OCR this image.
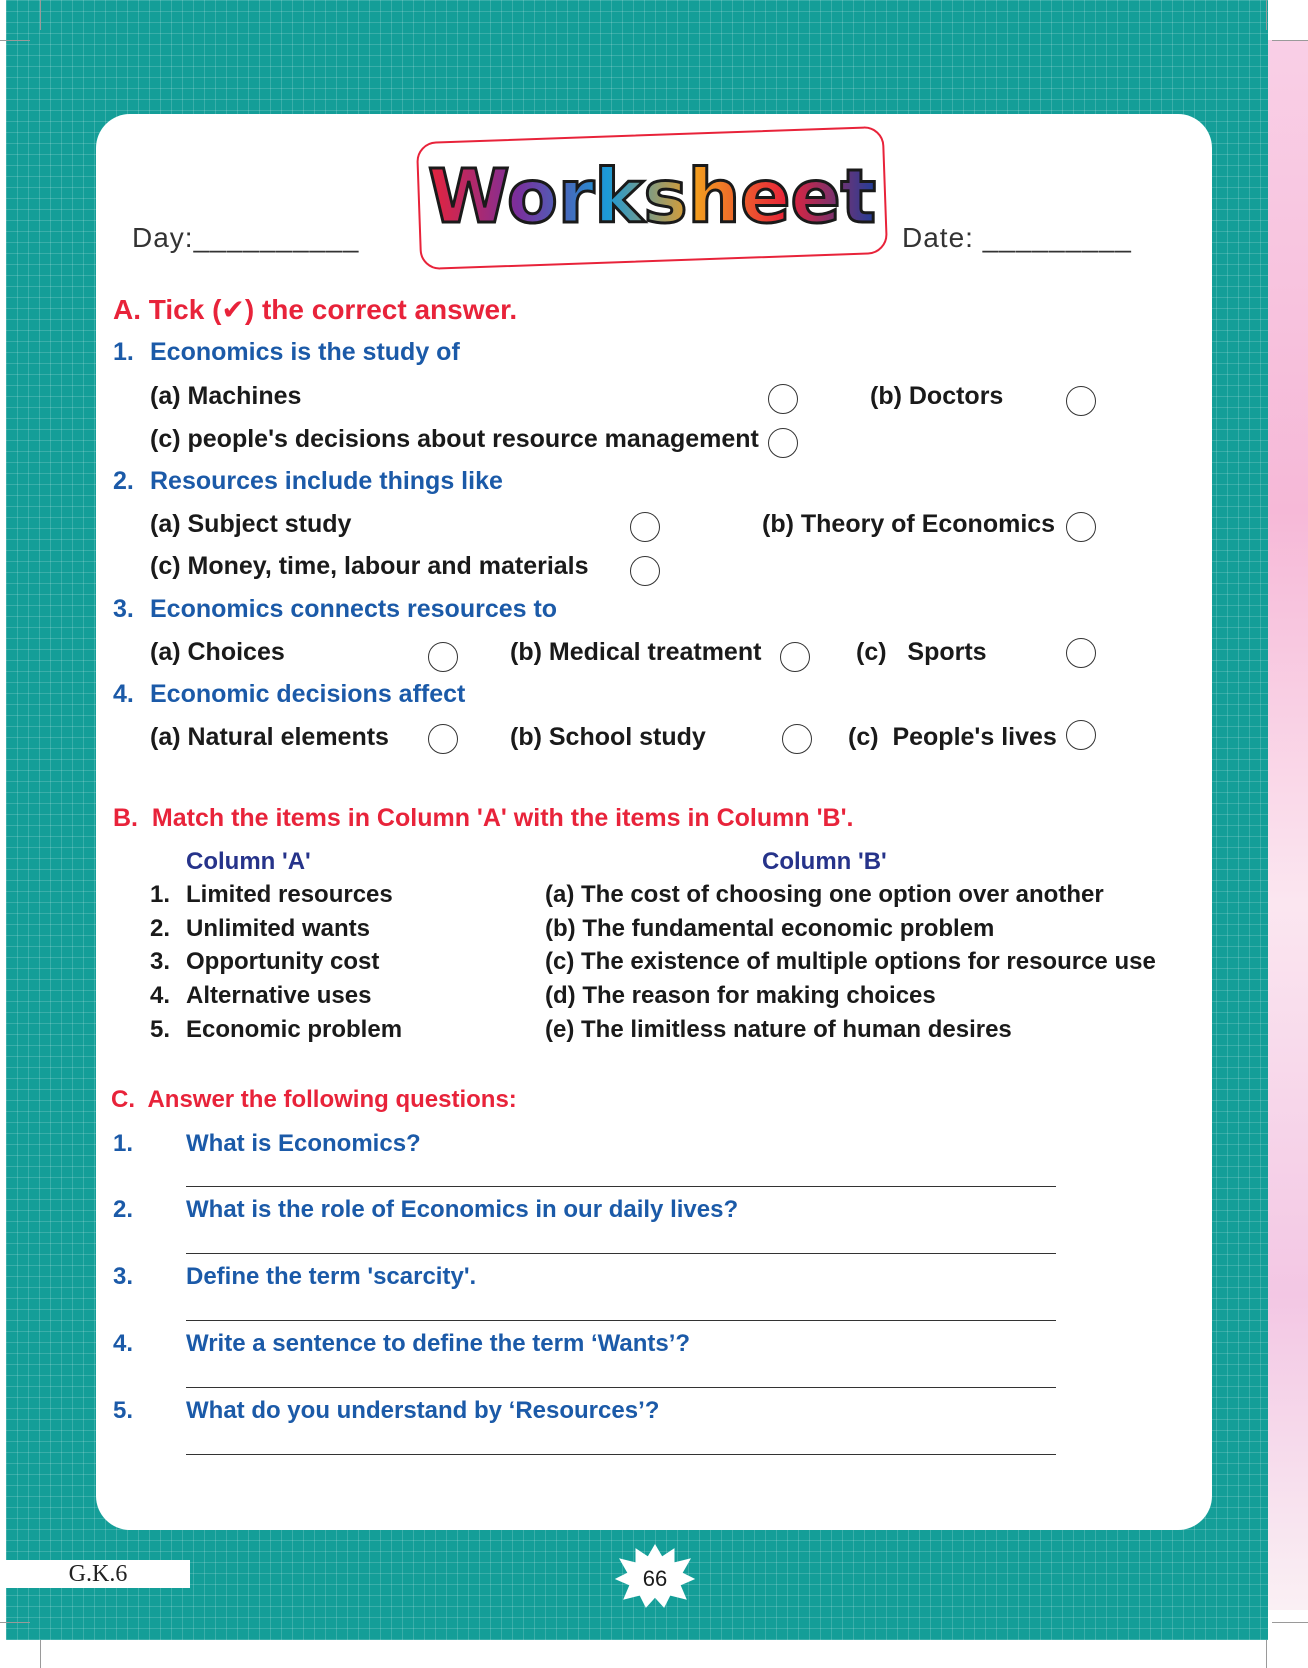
Worksheet
Day:__________	Date: _________
A. Tick (✔) the correct answer.
1. Economics is the study of
(a) Machines	(b) Doctors
(c) people's decisions about resource management
2. Resources include things like
(a) Subject study	(b) Theory of Economics
(c) Money, time, labour and materials
3. Economics connects resources to
(a) Choices	(b) Medical treatment	(c)   Sports
4. Economic decisions affect
(a) Natural elements	(b) School study	(c)  People's lives
B.  Match the items in Column 'A' with the items in Column 'B'.
Column 'A'	Column 'B'
1. Limited resources	(a) The cost of choosing one option over another
2. Unlimited wants	(b) The fundamental economic problem
3. Opportunity cost	(c) The existence of multiple options for resource use
4. Alternative uses	(d) The reason for making choices
5. Economic problem	(e) The limitless nature of human desires
C.  Answer the following questions:
1. What is Economics?
2. What is the role of Economics in our daily lives?
3. Define the term 'scarcity'.
4. Write a sentence to define the term ‘Wants’?
5. What do you understand by ‘Resources’?
G.K.6	66
